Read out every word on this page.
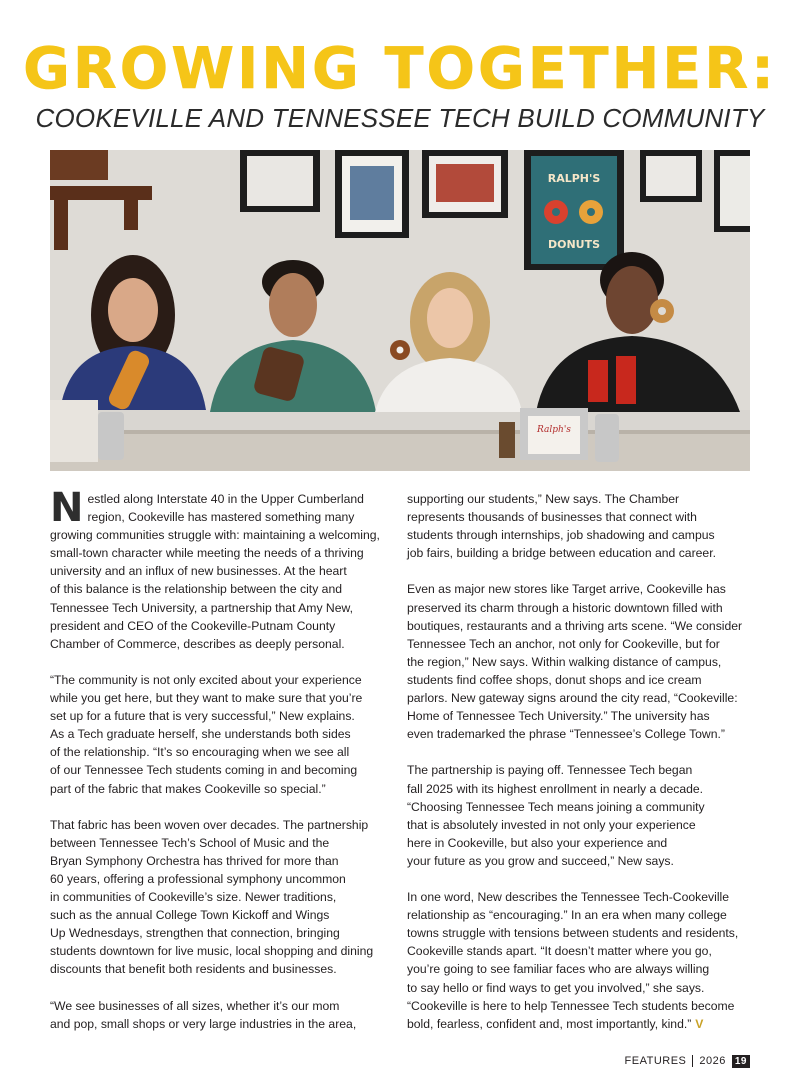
GROWING TOGETHER:
COOKEVILLE AND TENNESSEE TECH BUILD COMMUNITY
RALPH'S
DONUTS
Ralph's

Nestled along Interstate 40 in the Upper Cumberland
region, Cookeville has mastered something many
growing communities struggle with: maintaining a welcoming,
small-town character while meeting the needs of a thriving
university and an influx of new businesses. At the heart
of this balance is the relationship between the city and
Tennessee Tech University, a partnership that Amy New,
president and CEO of the Cookeville-Putnam County
Chamber of Commerce, describes as deeply personal.

“The community is not only excited about your experience
while you get here, but they want to make sure that you’re
set up for a future that is very successful,” New explains.
As a Tech graduate herself, she understands both sides
of the relationship. “It’s so encouraging when we see all
of our Tennessee Tech students coming in and becoming
part of the fabric that makes Cookeville so special.”

That fabric has been woven over decades. The partnership
between Tennessee Tech’s School of Music and the
Bryan Symphony Orchestra has thrived for more than
60 years, offering a professional symphony uncommon
in communities of Cookeville’s size. Newer traditions,
such as the annual College Town Kickoff and Wings
Up Wednesdays, strengthen that connection, bringing
students downtown for live music, local shopping and dining
discounts that benefit both residents and businesses.

“We see businesses of all sizes, whether it’s our mom
and pop, small shops or very large industries in the area,

supporting our students,” New says. The Chamber
represents thousands of businesses that connect with
students through internships, job shadowing and campus
job fairs, building a bridge between education and career.

Even as major new stores like Target arrive, Cookeville has
preserved its charm through a historic downtown filled with
boutiques, restaurants and a thriving arts scene. “We consider
Tennessee Tech an anchor, not only for Cookeville, but for
the region,” New says. Within walking distance of campus,
students find coffee shops, donut shops and ice cream
parlors. New gateway signs around the city read, “Cookeville:
Home of Tennessee Tech University.” The university has
even trademarked the phrase “Tennessee’s College Town.”

The partnership is paying off. Tennessee Tech began
fall 2025 with its highest enrollment in nearly a decade.
“Choosing Tennessee Tech means joining a community
that is absolutely invested in not only your experience
here in Cookeville, but also your experience and
your future as you grow and succeed,” New says.

In one word, New describes the Tennessee Tech-Cookeville
relationship as “encouraging.” In an era when many college
towns struggle with tensions between students and residents,
Cookeville stands apart. “It doesn’t matter where you go,
you’re going to see familiar faces who are always willing
to say hello or find ways to get you involved,” she says.
“Cookeville is here to help Tennessee Tech students become
bold, fearless, confident and, most importantly, kind.” V

FEATURES 2026 19
